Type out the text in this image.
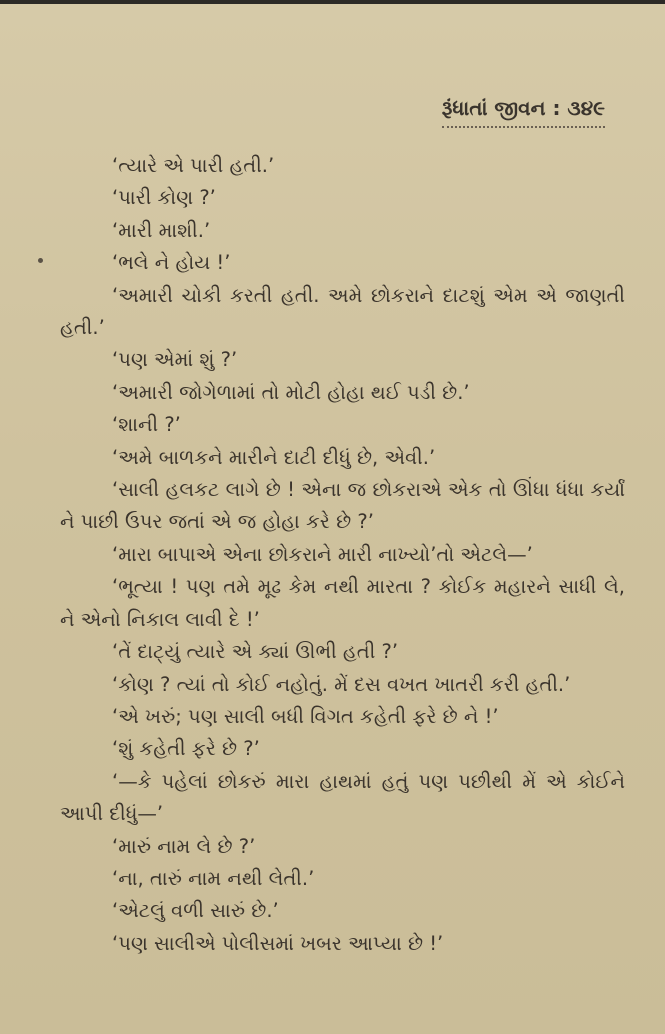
રૂંધાતાં જીવન : ૩૪૯

‘ત્યારે એ પારી હતી.’

‘પારી કોણ ?’

‘મારી માશી.’

‘ભલે ને હોય !’

‘અમારી ચોકી કરતી હતી. અમે છોકરાને દાટશું એમ એ જાણતી હતી.’

‘પણ એમાં શું ?’

‘અમારી જોગેળામાં તો મોટી હોહા થઈ પડી છે.’

‘શાની ?’

‘અમે બાળકને મારીને દાટી દીધું છે, એવી.’

‘સાલી હલકટ લાગે છે ! એના જ છોકરાએ એક તો ઊંધા ધંધા કર્યાં ને પાછી ઉપર જતાં એ જ હોહા કરે છે ?’

‘મારા બાપાએ એના છોકરાને મારી નાખ્યો’તો એટલે—’

‘ભૂત્યા ! પણ તમે મૂઢ કેમ નથી મારતા ? કોઈક મહારને સાધી લે, ને એનો નિકાલ લાવી દે !’

‘તેં દાટ્યું ત્યારે એ ક્યાં ઊભી હતી ?’

‘કોણ ? ત્યાં તો કોઈ નહોતું. મેં દસ વખત ખાતરી કરી હતી.’

‘એ ખરું; પણ સાલી બધી વિગત કહેતી ફરે છે ને !’

‘શું કહેતી ફરે છે ?’

‘—કે પહેલાં છોકરું મારા હાથમાં હતું પણ પછીથી મેં એ કોઈને આપી દીધું—’

‘મારું નામ લે છે ?’

‘ના, તારું નામ નથી લેતી.’

‘એટલું વળી સારું છે.’

‘પણ સાલીએ પોલીસમાં ખબર આપ્યા છે !’
